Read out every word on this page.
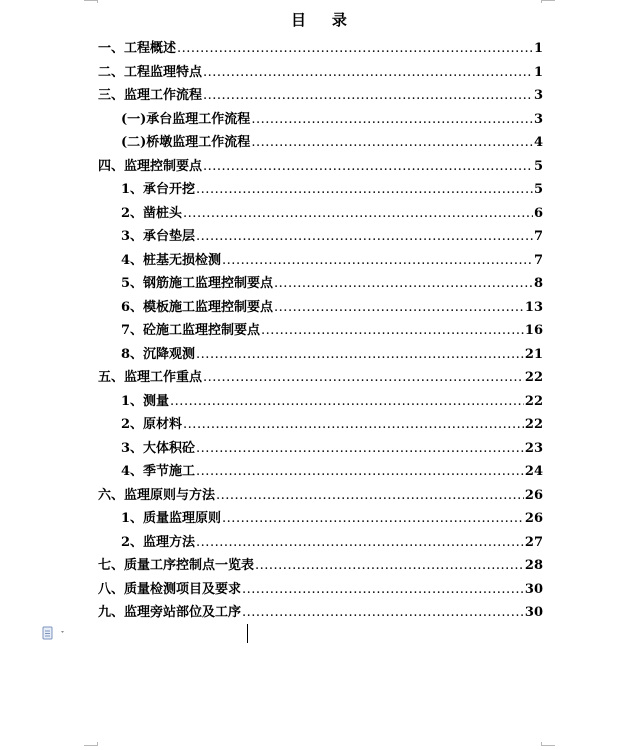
目    录
一、工程概述 .....	1
二、工程监理特点 .....	1
三、监理工作流程 .....	3
(一)承台监理工作流程 .....	3
(二)桥墩监理工作流程 .....	4
四、监理控制要点 .....	5
1、承台开挖 .....	5
2、凿桩头 .....	6
3、承台垫层 .....	7
4、桩基无损检测 .....	7
5、钢筋施工监理控制要点 .....	8
6、模板施工监理控制要点 .....	13
7、砼施工监理控制要点 .....	16
8、沉降观测 .....	21
五、监理工作重点 .....	22
1、测量 .....	22
2、原材料 .....	22
3、大体积砼 .....	23
4、季节施工 .....	24
六、监理原则与方法 .....	26
1、质量监理原则 .....	26
2、监理方法 .....	27
七、质量工序控制点一览表 .....	28
八、质量检测项目及要求 .....	30
九、监理旁站部位及工序 .....	30
